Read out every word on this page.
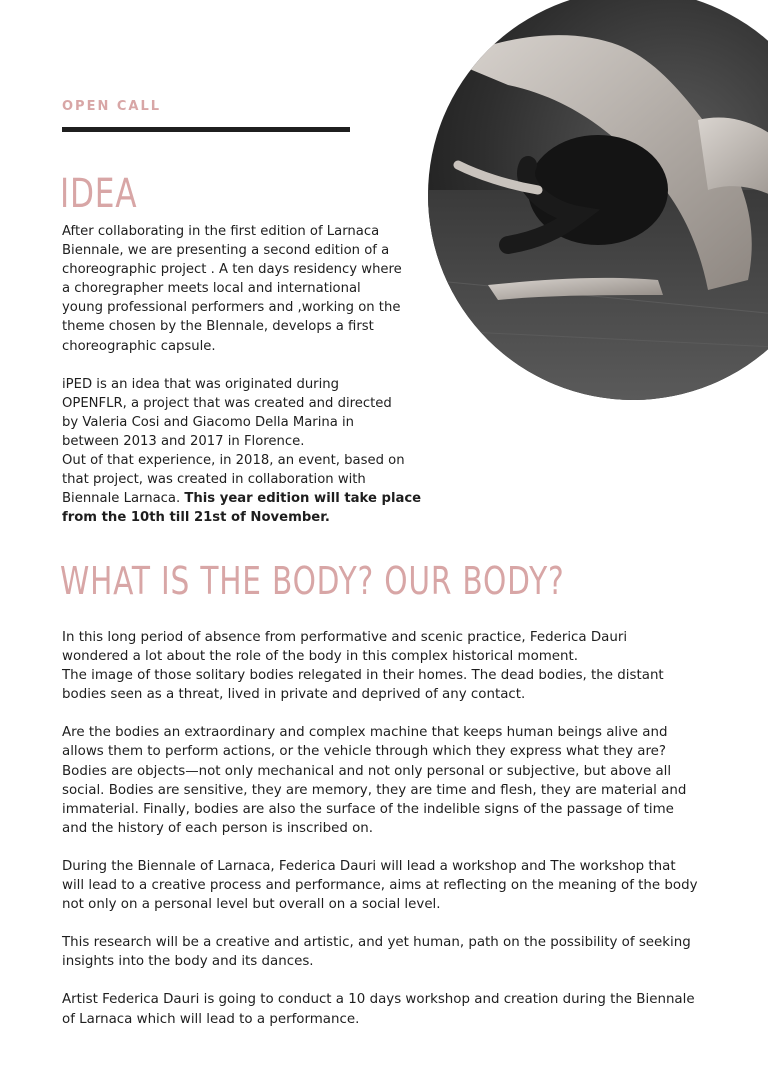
OPEN CALL
IDEA

After collaborating in the first edition of Larnaca
Biennale, we are presenting a second edition of a
choreographic project . A ten days residency where
a choregrapher meets local and international
young professional performers and ,working on the
theme chosen by the BIennale, develops a first
choreographic capsule.

iPED is an idea that was originated during
OPENFLR, a project that was created and directed
by Valeria Cosi and Giacomo Della Marina in
between 2013 and 2017 in Florence.
Out of that experience, in 2018, an event, based on
that project, was created in collaboration with
Biennale Larnaca. This year edition will take place
from the 10th till 21st of November.

WHAT IS THE BODY? OUR BODY?

In this long period of absence from performative and scenic practice, Federica Dauri
wondered a lot about the role of the body in this complex historical moment.
The image of those solitary bodies relegated in their homes. The dead bodies, the distant
bodies seen as a threat, lived in private and deprived of any contact.

Are the bodies an extraordinary and complex machine that keeps human beings alive and
allows them to perform actions, or the vehicle through which they express what they are?
Bodies are objects—not only mechanical and not only personal or subjective, but above all
social. Bodies are sensitive, they are memory, they are time and flesh, they are material and
immaterial. Finally, bodies are also the surface of the indelible signs of the passage of time
and the history of each person is inscribed on.

During the Biennale of Larnaca, Federica Dauri will lead a workshop and The workshop that
will lead to a creative process and performance, aims at reflecting on the meaning of the body
not only on a personal level but overall on a social level.

This research will be a creative and artistic, and yet human, path on the possibility of seeking
insights into the body and its dances.

Artist Federica Dauri is going to conduct a 10 days workshop and creation during the Biennale
of Larnaca which will lead to a performance.
